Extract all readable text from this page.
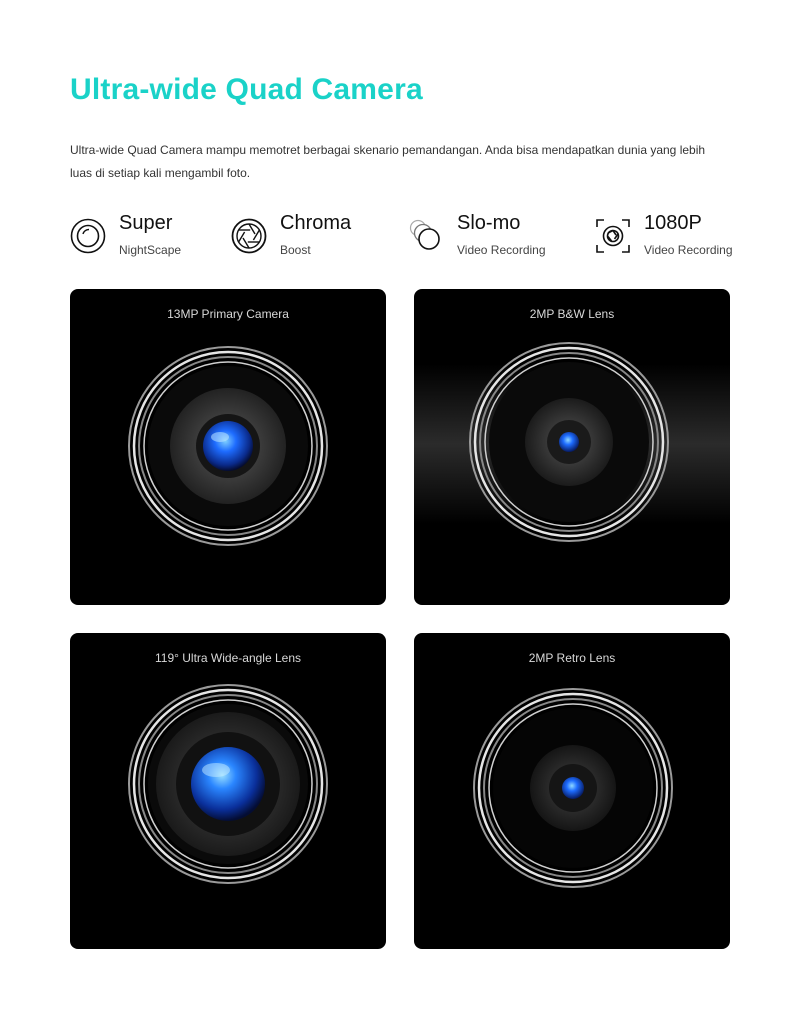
Ultra-wide Quad Camera

Ultra-wide Quad Camera mampu memotret berbagai skenario pemandangan. Anda bisa mendapatkan dunia yang lebih luas di setiap kali mengambil foto.

Super
NightScape
Chroma
Boost
Slo-mo
Video Recording
1080P
Video Recording
13MP Primary Camera	2MP B&W Lens
119° Ultra Wide-angle Lens	2MP Retro Lens
